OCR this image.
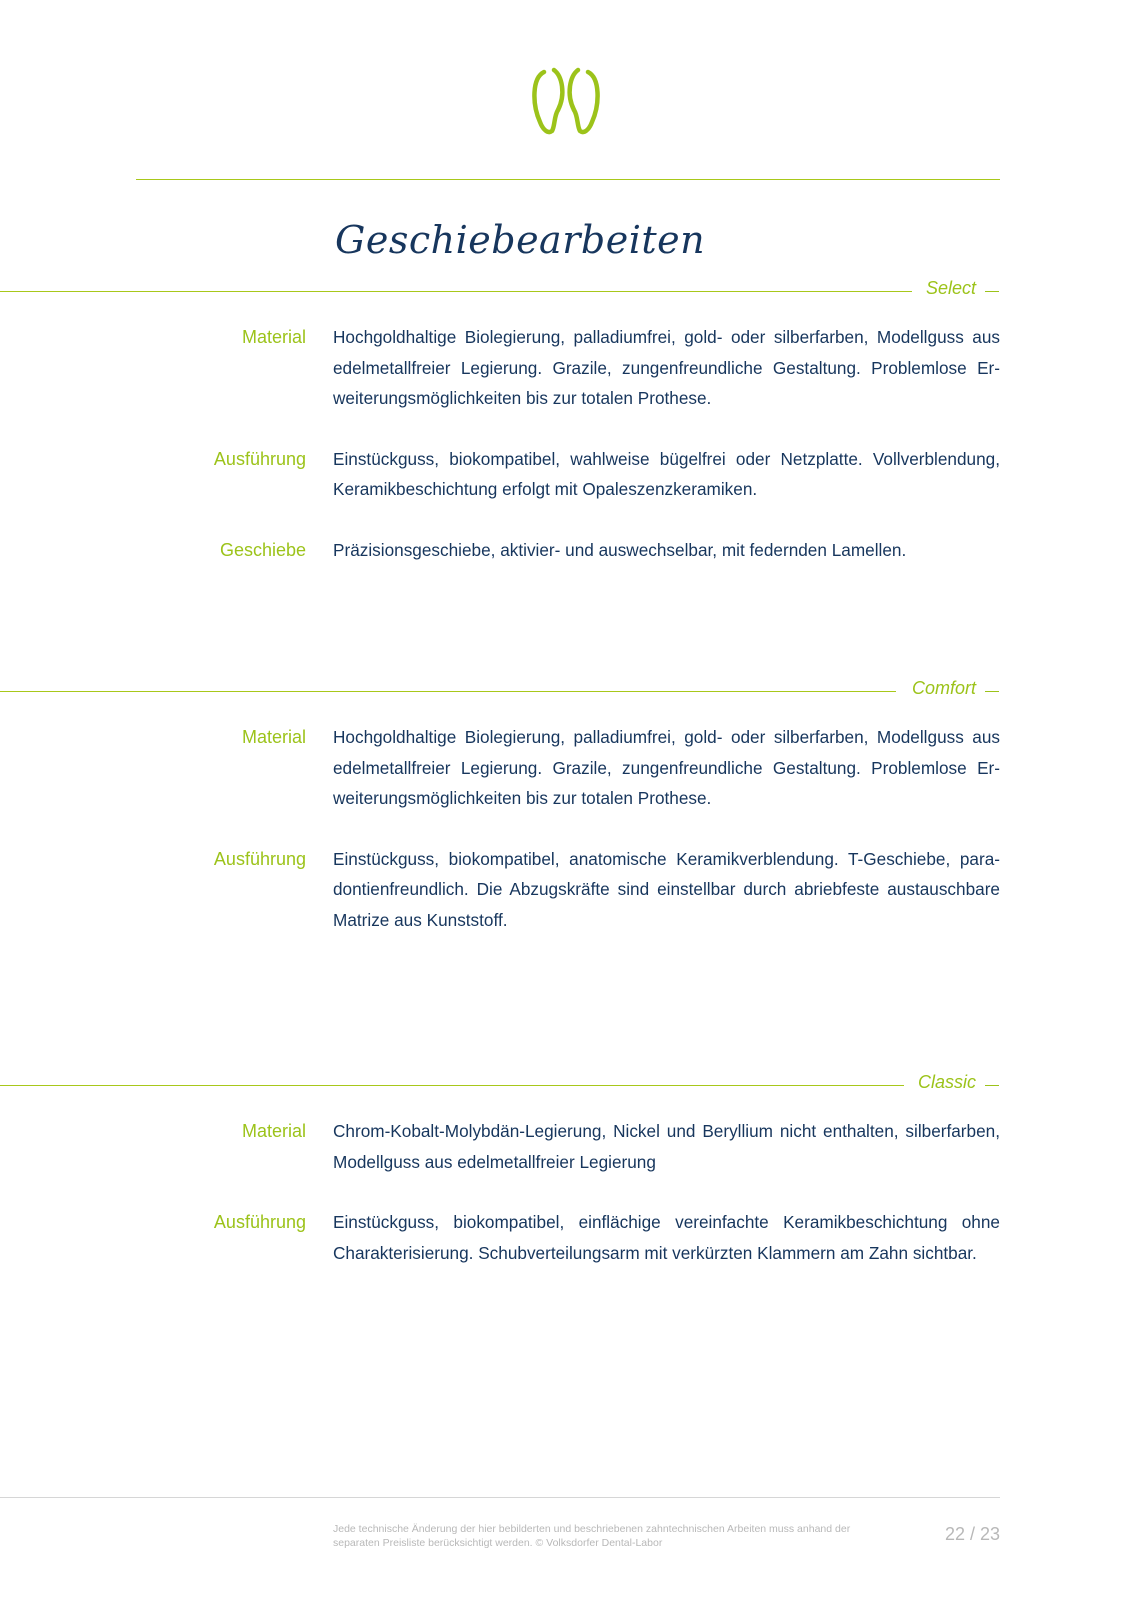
Geschiebearbeiten
Select
Material Hochgoldhaltige Biolegierung, palladiumfrei, gold- oder silberfarben, Modellguss aus edelmetallfreier Legierung. Grazile, zungenfreundliche Gestaltung. Problemlose Erweiterungsmöglichkeiten bis zur totalen Prothese.
Ausführung Einstückguss, biokompatibel, wahlweise bügelfrei oder Netzplatte. Vollverblendung, Keramikbeschichtung erfolgt mit Opaleszenzkeramiken.
Geschiebe Präzisionsgeschiebe, aktivier- und auswechselbar, mit federnden Lamellen.
Comfort
Material Hochgoldhaltige Biolegierung, palladiumfrei, gold- oder silberfarben, Modellguss aus edelmetallfreier Legierung. Grazile, zungenfreundliche Gestaltung. Problemlose Erweiterungsmöglichkeiten bis zur totalen Prothese.
Ausführung Einstückguss, biokompatibel, anatomische Keramikverblendung. T-Geschiebe, paradontienfreundlich. Die Abzugskräfte sind einstellbar durch abriebfeste austauschbare Matrize aus Kunststoff.
Classic
Material Chrom-Kobalt-Molybdän-Legierung, Nickel und Beryllium nicht enthalten, silberfarben, Modellguss aus edelmetallfreier Legierung
Ausführung Einstückguss, biokompatibel, einflächige vereinfachte Keramikbeschichtung ohne Charakterisierung. Schubverteilungsarm mit verkürzten Klammern am Zahn sichtbar.
Jede technische Änderung der hier bebilderten und beschriebenen zahntechnischen Arbeiten muss anhand der separaten Preisliste berücksichtigt werden. © Volksdorfer Dental-Labor	22 / 23
